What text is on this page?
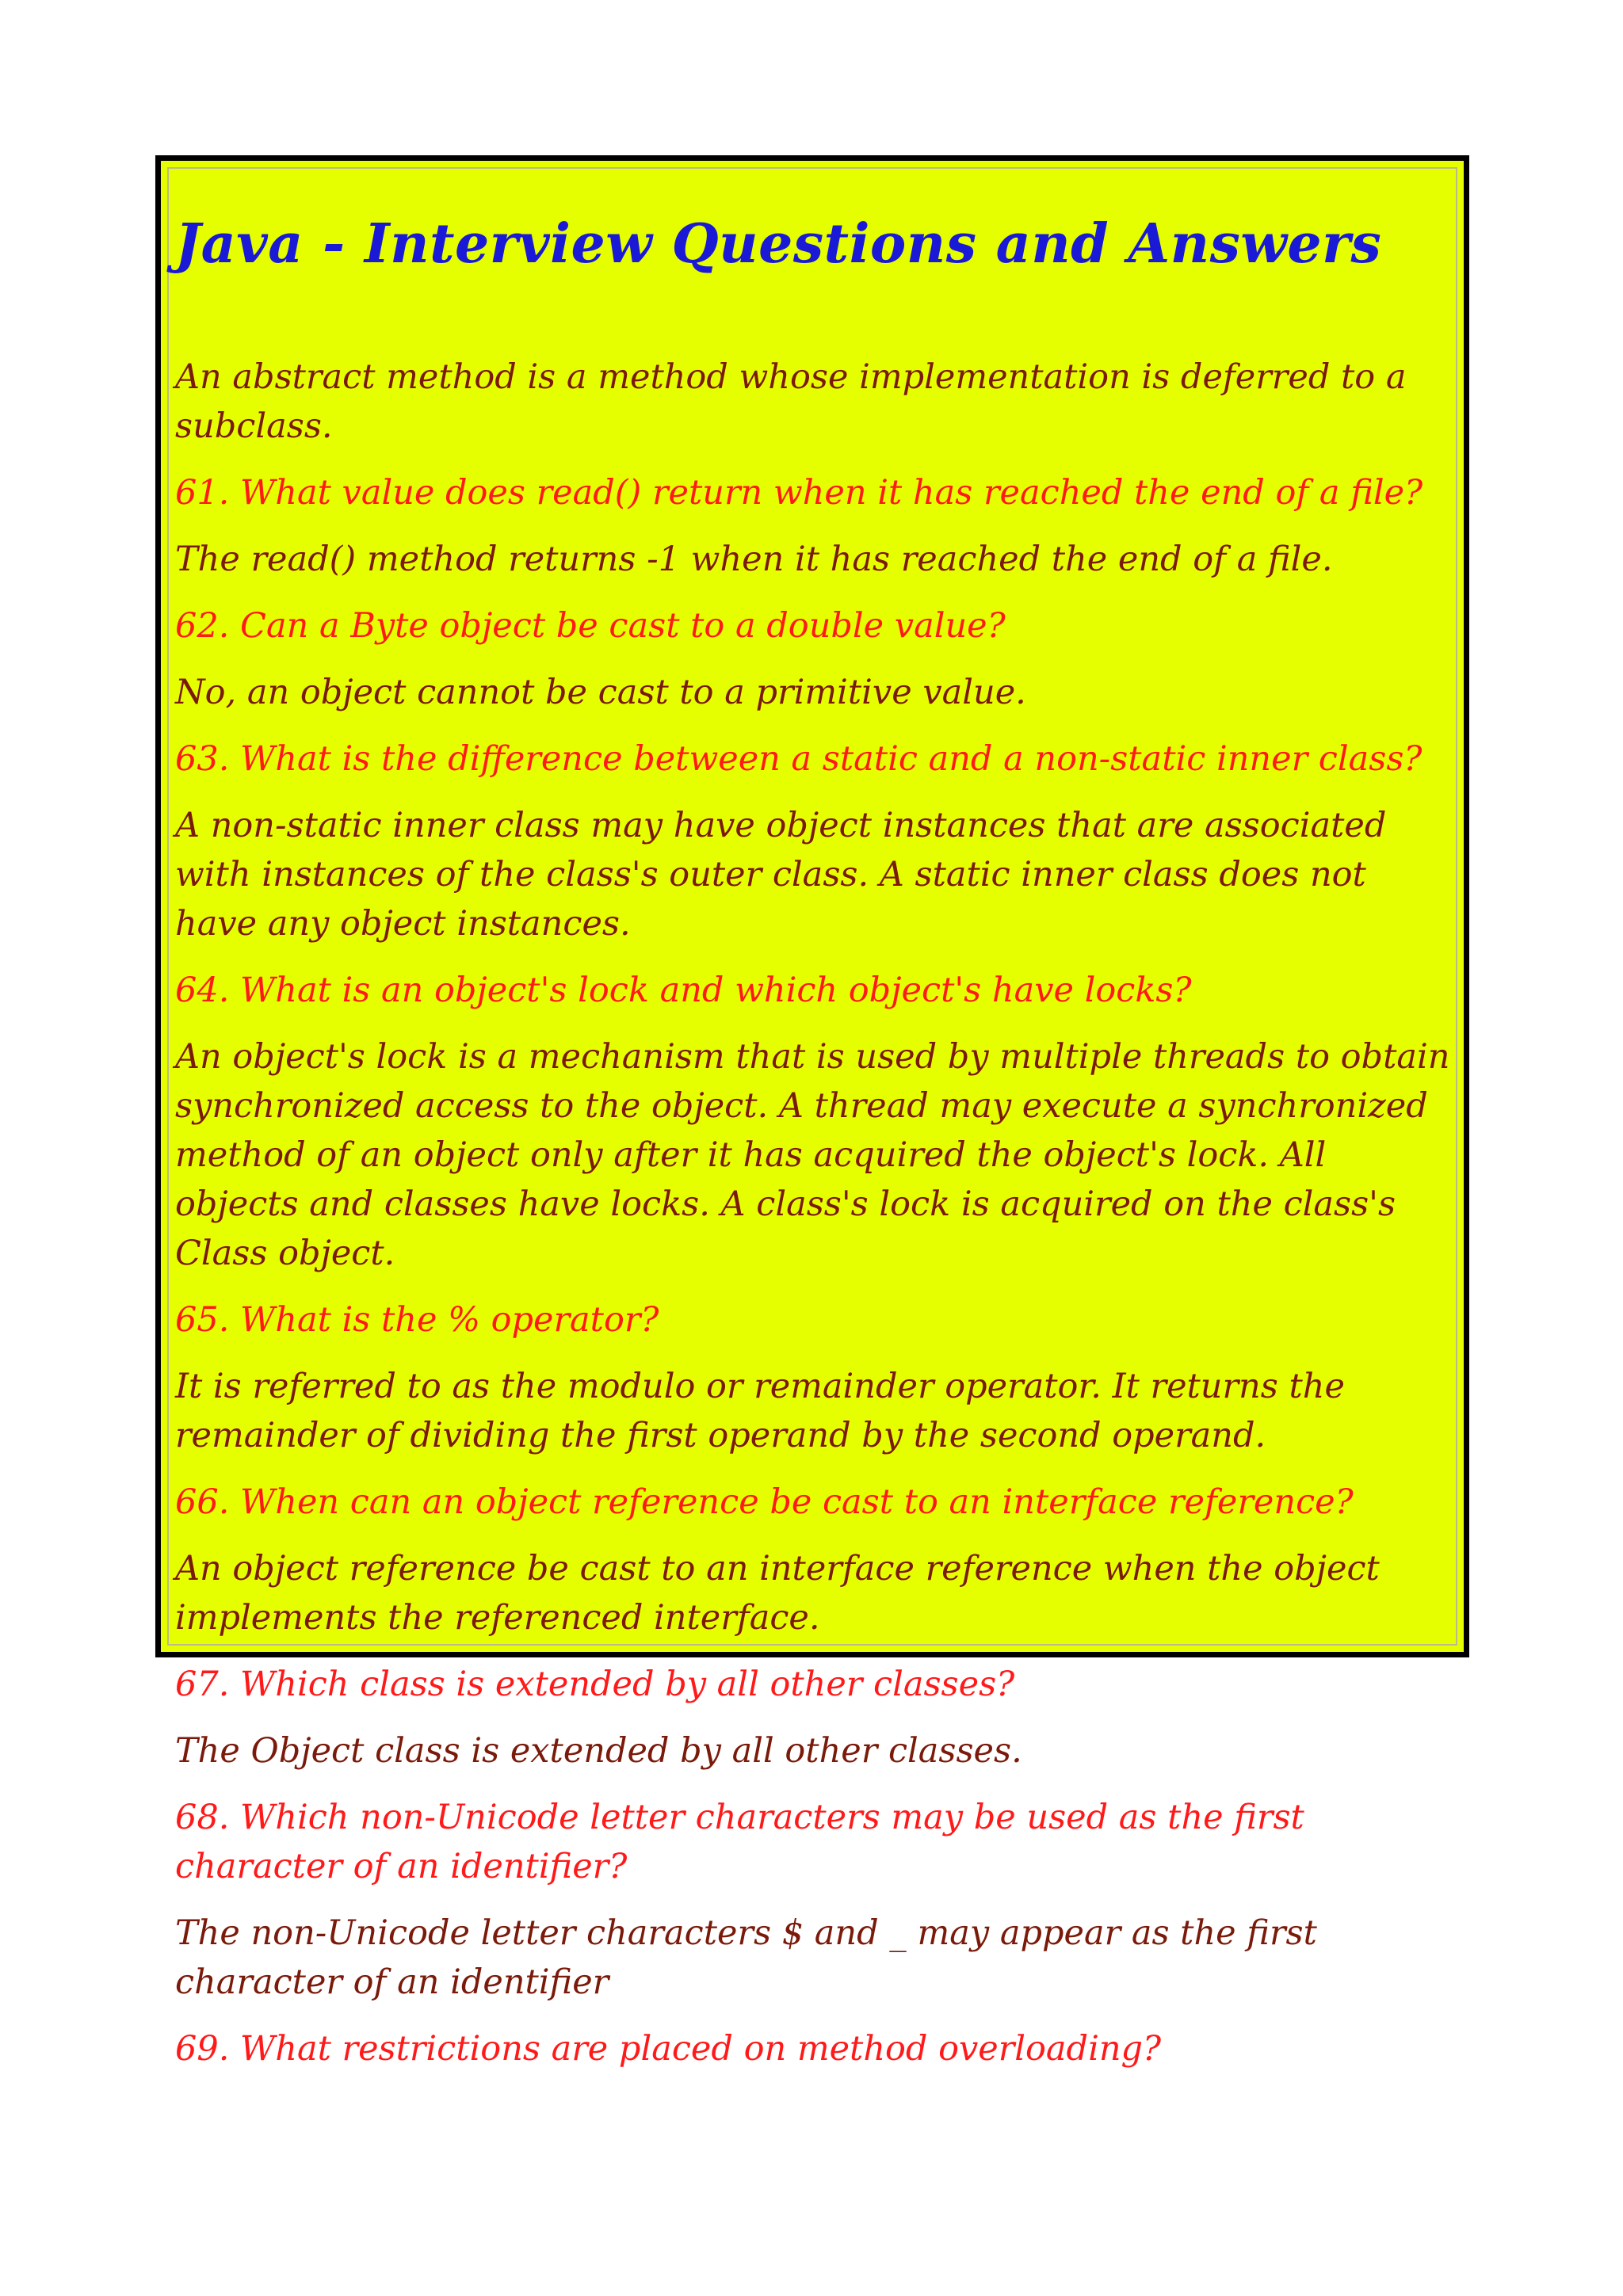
Java - Interview Questions and Answers

An abstract method is a method whose implementation is deferred to a subclass.

61. What value does read() return when it has reached the end of a file?

The read() method returns -1 when it has reached the end of a file.

62. Can a Byte object be cast to a double value?

No, an object cannot be cast to a primitive value.

63. What is the difference between a static and a non-static inner class?

A non-static inner class may have object instances that are associated with instances of the class's outer class. A static inner class does not have any object instances.

64. What is an object's lock and which object's have locks?

An object's lock is a mechanism that is used by multiple threads to obtain synchronized access to the object. A thread may execute a synchronized method of an object only after it has acquired the object's lock. All objects and classes have locks. A class's lock is acquired on the class's Class object.

65. What is the % operator?

It is referred to as the modulo or remainder operator. It returns the remainder of dividing the first operand by the second operand.

66. When can an object reference be cast to an interface reference?

An object reference be cast to an interface reference when the object implements the referenced interface.

67. Which class is extended by all other classes?

The Object class is extended by all other classes.

68. Which non-Unicode letter characters may be used as the first character of an identifier?

The non-Unicode letter characters $ and _ may appear as the first character of an identifier

69. What restrictions are placed on method overloading?
